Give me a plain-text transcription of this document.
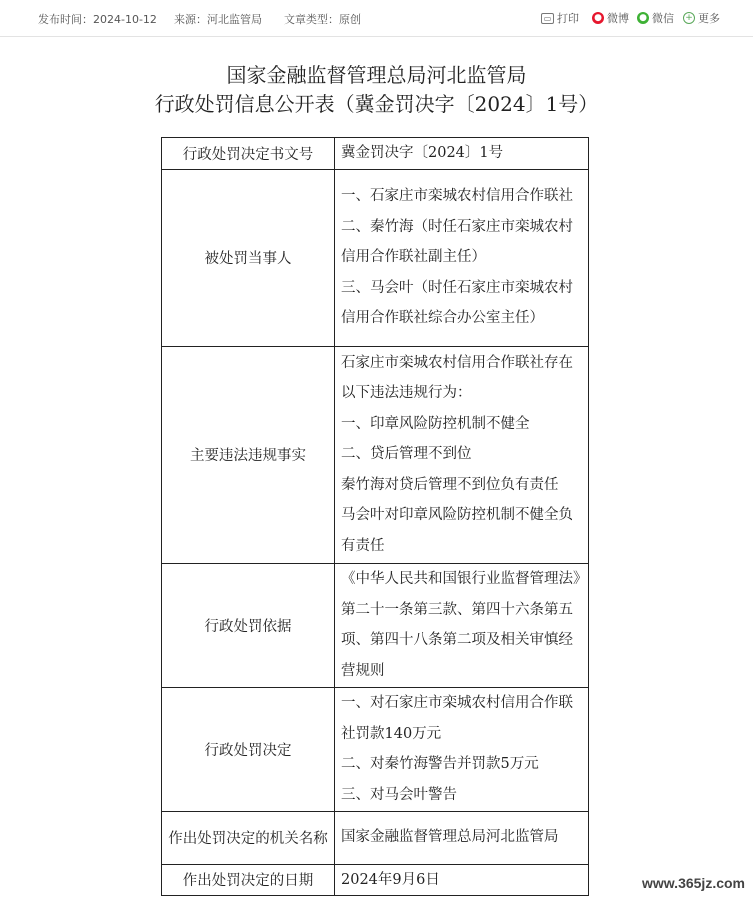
发布时间：2024-10-12 来源：河北监管局 文章类型：原创	▭ 打印 ● 微博 ● 微信 + 更多
国家金融监督管理总局河北监管局
行政处罚信息公开表（冀金罚决字〔2024〕1号）
行政处罚决定书文号	冀金罚决字〔2024〕1号

被处罚当事人	一、石家庄市栾城农村信用合作联社

二、秦竹海（时任石家庄市栾城农村信用合作联社副主任）

三、马会叶（时任石家庄市栾城农村信用合作联社综合办公室主任）

主要违法违规事实	石家庄市栾城农村信用合作联社存在以下违法违规行为：

一、印章风险防控机制不健全

二、贷后管理不到位

秦竹海对贷后管理不到位负有责任

马会叶对印章风险防控机制不健全负有责任

行政处罚依据	《中华人民共和国银行业监督管理法》第二十一条第三款、第四十六条第五项、第四十八条第二项及相关审慎经营规则

行政处罚决定	一、对石家庄市栾城农村信用合作联社罚款140万元

二、对秦竹海警告并罚款5万元

三、对马会叶警告

作出处罚决定的机关名称	国家金融监督管理总局河北监管局

作出处罚决定的日期	2024年9月6日	www.365jz.com
